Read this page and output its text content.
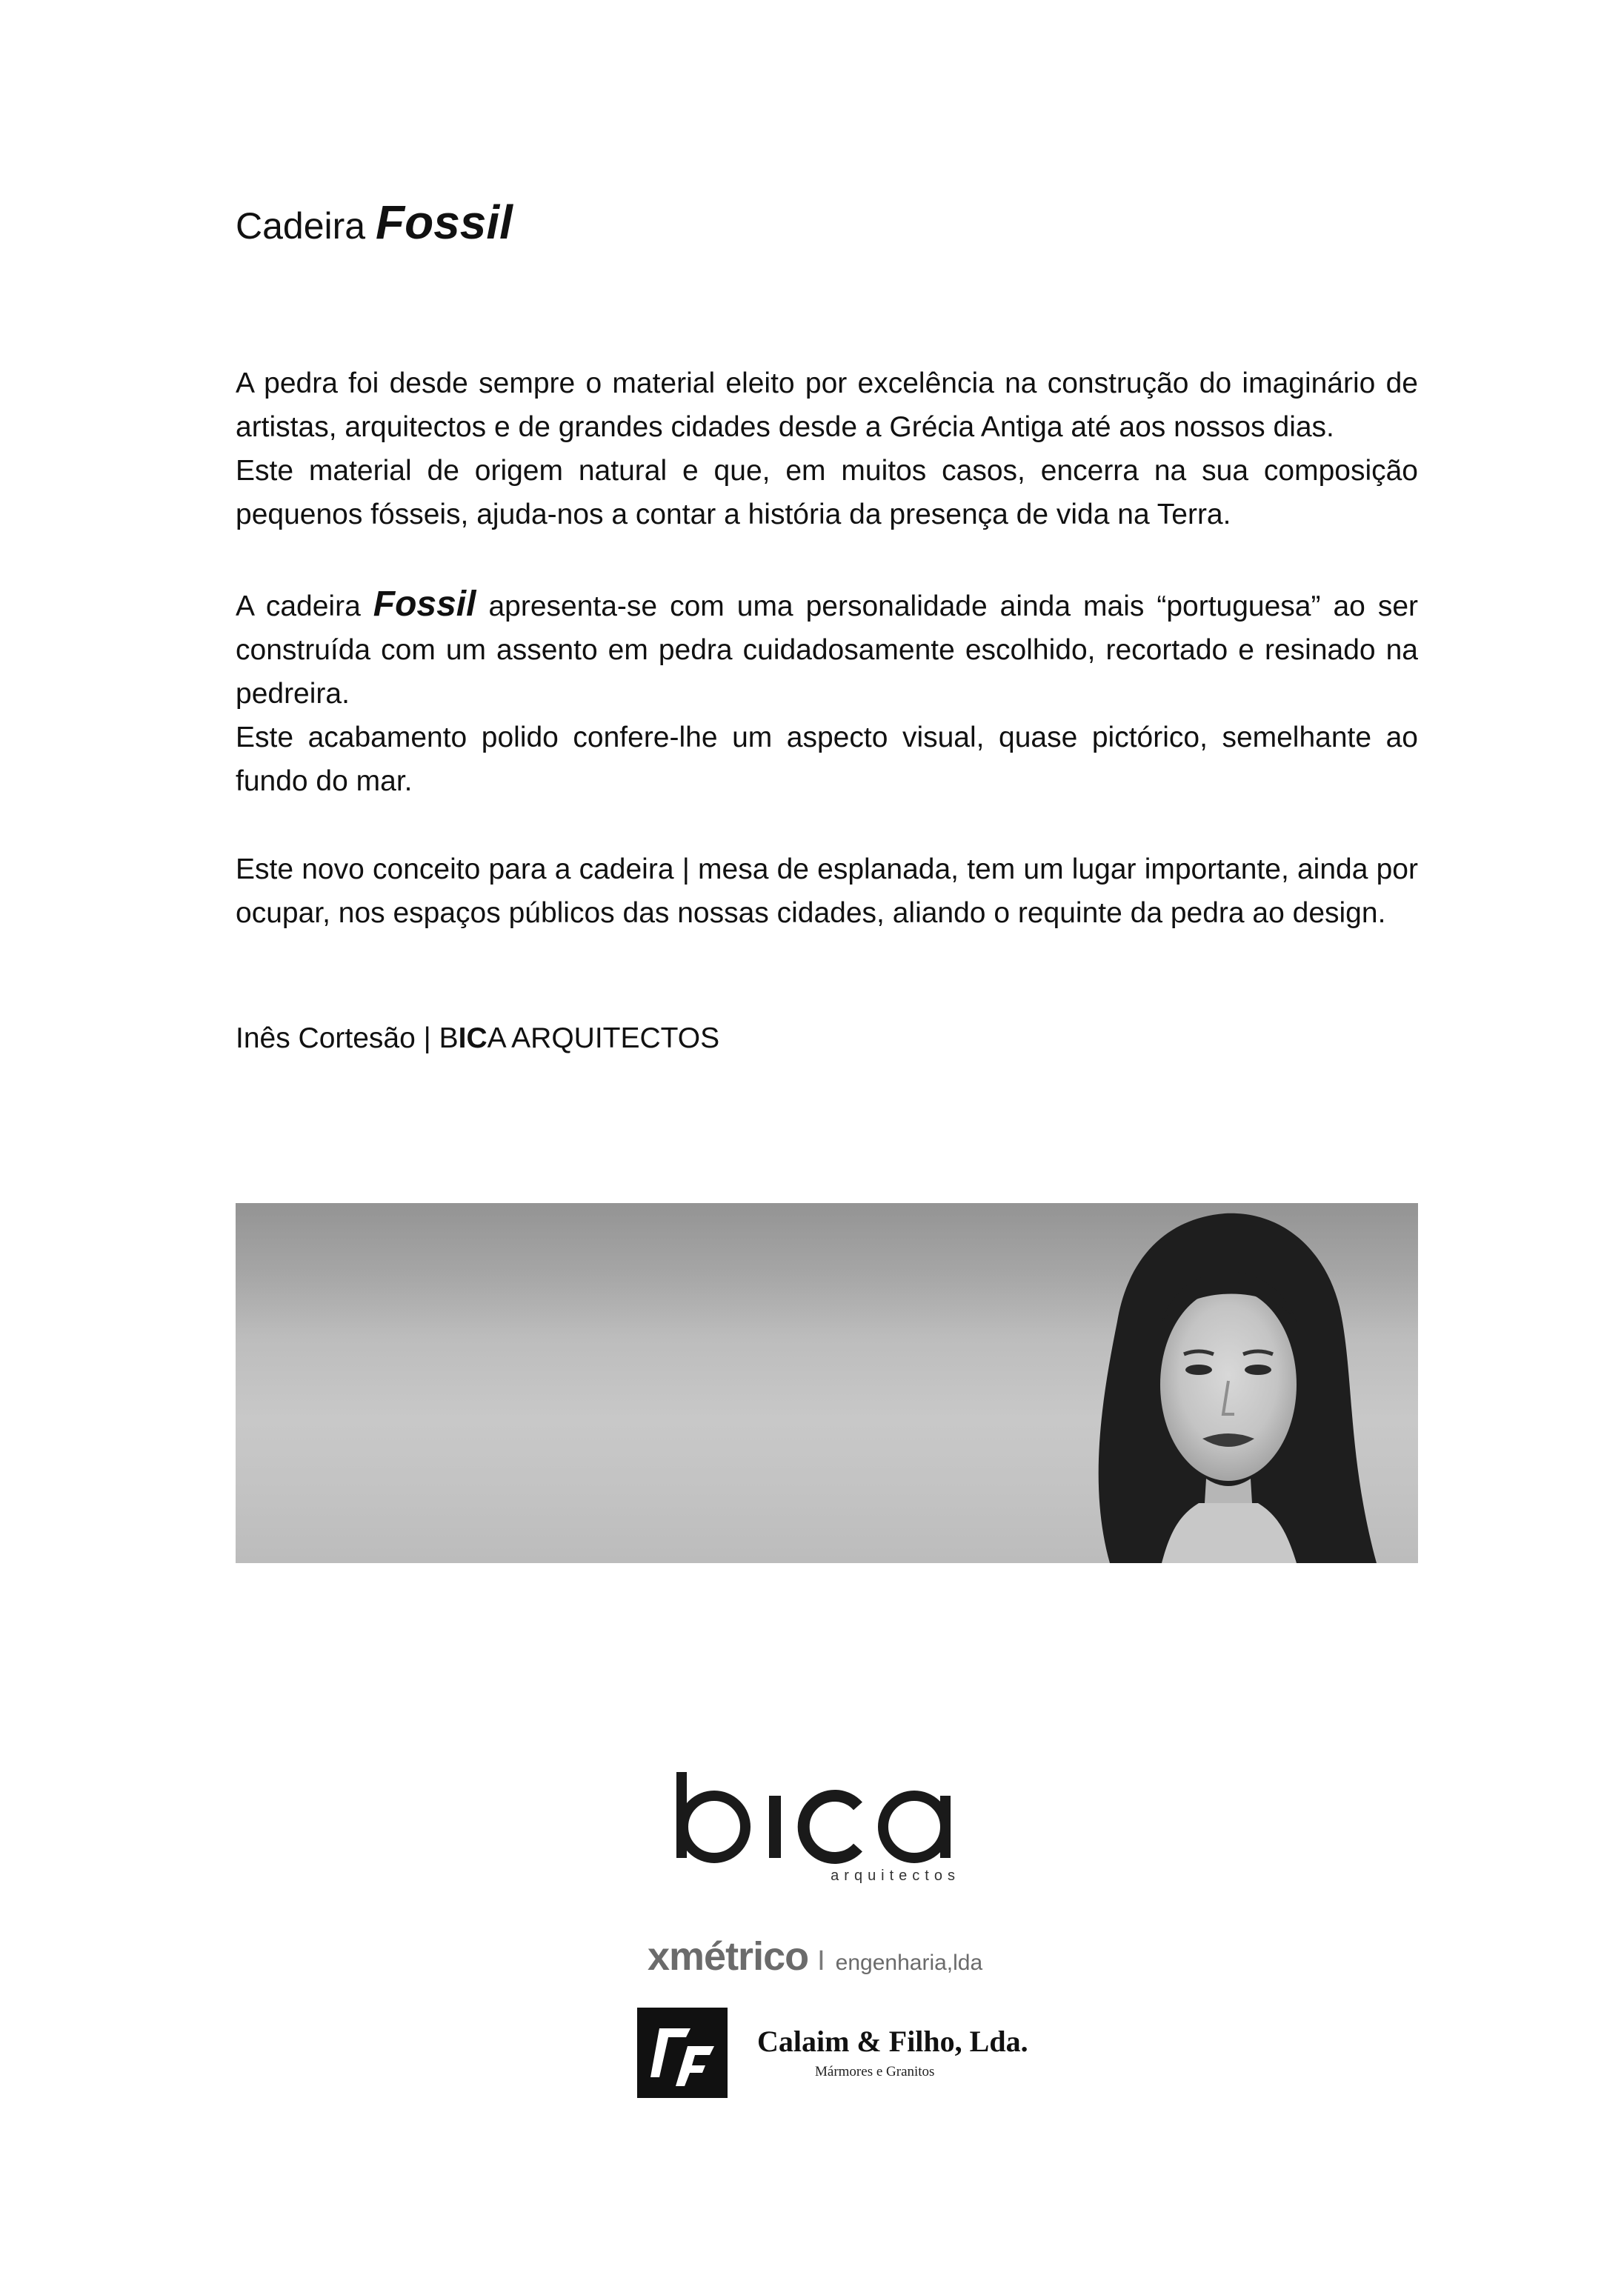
Cadeira Fossil

A pedra foi desde sempre o material eleito por excelência na construção do imaginário de artistas, arquitectos e de grandes cidades desde a Grécia Antiga até aos nossos dias.

Este material de origem natural e que, em muitos casos, encerra na sua composição pequenos fósseis, ajuda-nos a contar a história da presença de vida na Terra.

A cadeira Fossil apresenta-se com uma personalidade ainda mais “portuguesa” ao ser construída com um assento em pedra cuidadosamente escolhido, recortado e resinado na pedreira.

Este acabamento polido confere-lhe um aspecto visual, quase pictórico, semelhante ao fundo do mar.

Este novo conceito para a cadeira | mesa de esplanada, tem um lugar importante, ainda por ocupar, nos espaços públicos das nossas cidades, aliando o requinte da pedra ao design.

Inês Cortesão | BICA ARQUITECTOS
arquitectos
xmétrico I engenharia,lda
Calaim & Filho, Lda.
Mármores e Granitos
